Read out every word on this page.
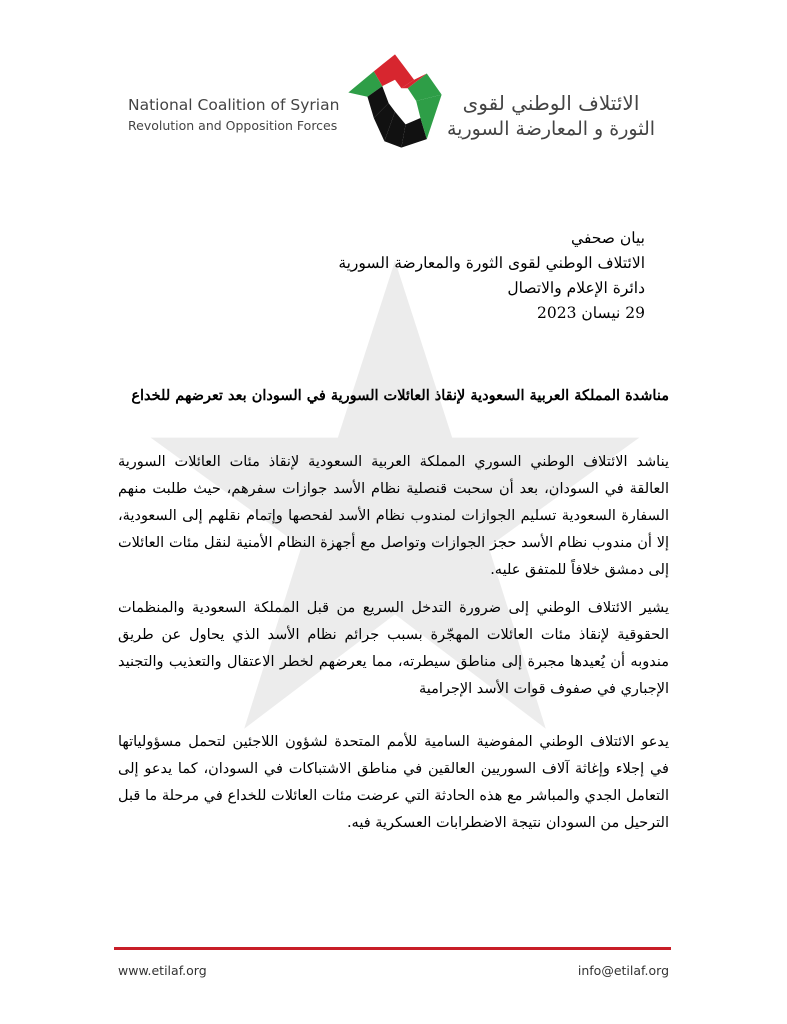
National Coalition of Syrian
Revolution and Opposition Forces
الائتلاف الوطني لقوى
الثورة و المعارضة السورية
بيان صحفي
الائتلاف الوطني لقوى الثورة والمعارضة السورية
دائرة الإعلام والاتصال
29 نيسان 2023
مناشدة المملكة العربية السعودية لإنقاذ العائلات السورية في السودان بعد تعرضهم للخداع

يناشد الائتلاف الوطني السوري المملكة العربية السعودية لإنقاذ مئات العائلات السورية العالقة في السودان، بعد أن سحبت قنصلية نظام الأسد جوازات سفرهم، حيث طلبت منهم السفارة السعودية تسليم الجوازات لمندوب نظام الأسد لفحصها وإتمام نقلهم إلى السعودية، إلا أن مندوب نظام الأسد حجز الجوازات وتواصل مع أجهزة النظام الأمنية لنقل مئات العائلات إلى دمشق خلافاً للمتفق عليه.

يشير الائتلاف الوطني إلى ضرورة التدخل السريع من قبل المملكة السعودية والمنظمات الحقوقية لإنقاذ مئات العائلات المهجّرة بسبب جرائم نظام الأسد الذي يحاول عن طريق مندوبه أن يُعيدها مجبرة إلى مناطق سيطرته، مما يعرضهم لخطر الاعتقال والتعذيب والتجنيد الإجباري في صفوف قوات الأسد الإجرامية

يدعو الائتلاف الوطني المفوضية السامية للأمم المتحدة لشؤون اللاجئين لتحمل مسؤولياتها في إجلاء وإغاثة آلاف السوريين العالقين في مناطق الاشتباكات في السودان، كما يدعو إلى التعامل الجدي والمباشر مع هذه الحادثة التي عرضت مئات العائلات للخداع في مرحلة ما قبل الترحيل من السودان نتيجة الاضطرابات العسكرية فيه.

www.etilaf.org	info@etilaf.org
